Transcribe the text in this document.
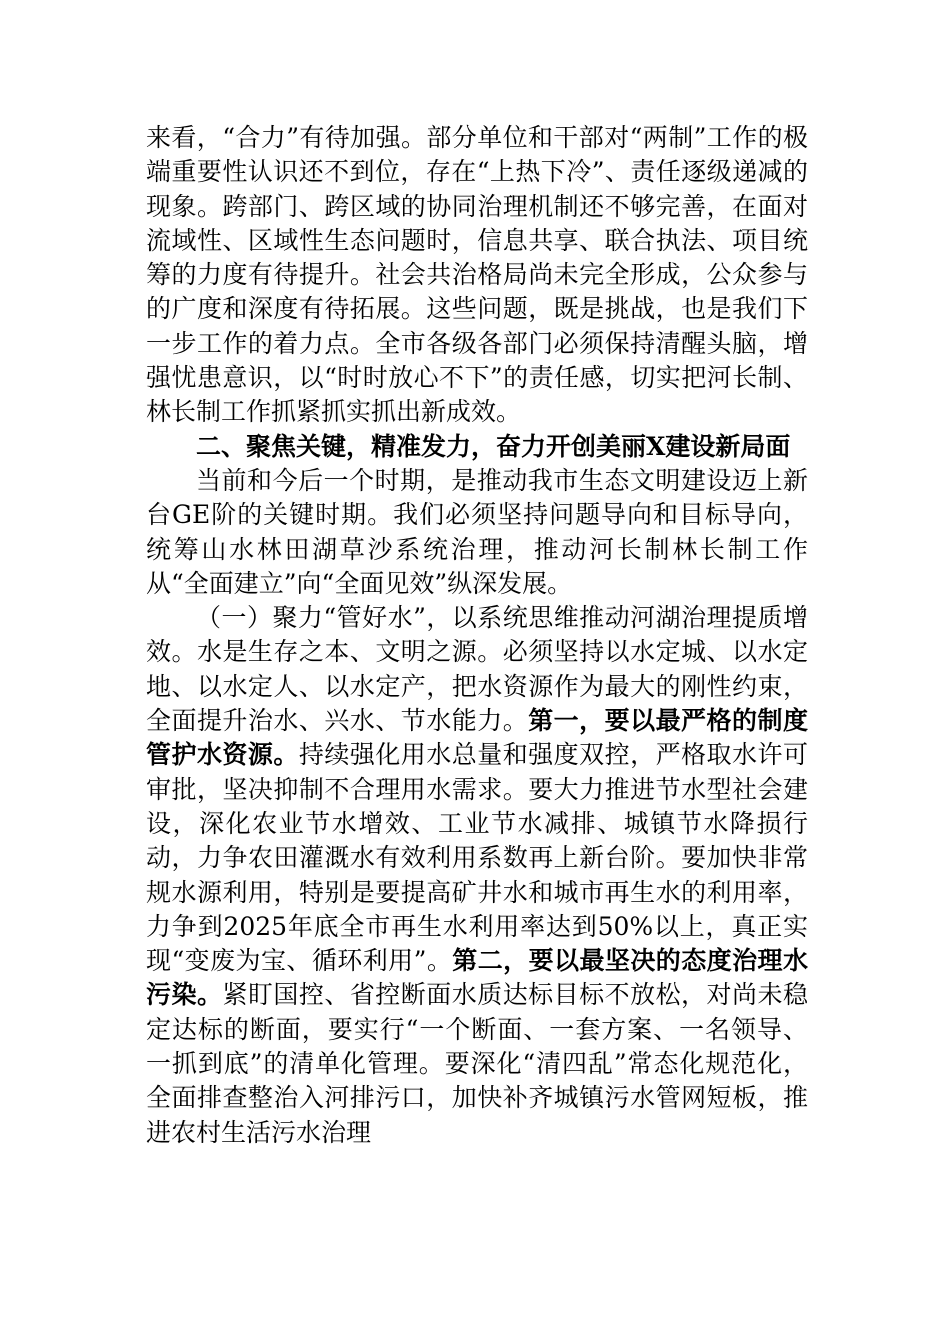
来看，“合力”有待加强。部分单位和干部对“两制”工作的极端重要性认识还不到位，存在“上热下冷”、责任逐级递减的现象。跨部门、跨区域的协同治理机制还不够完善，在面对流域性、区域性生态问题时，信息共享、联合执法、项目统筹的力度有待提升。社会共治格局尚未完全形成，公众参与的广度和深度有待拓展。这些问题，既是挑战，也是我们下一步工作的着力点。全市各级各部门必须保持清醒头脑，增强忧患意识，以“时时放心不下”的责任感，切实把河长制、林长制工作抓紧抓实抓出新成效。

二、聚焦关键，精准发力，奋力开创美丽X建设新局面

当前和今后一个时期，是推动我市生态文明建设迈上新台GE阶的关键时期。我们必须坚持问题导向和目标导向，统筹山水林田湖草沙系统治理，推动河长制林长制工作从“全面建立”向“全面见效”纵深发展。

（一）聚力“管好水”，以系统思维推动河湖治理提质增效。水是生存之本、文明之源。必须坚持以水定城、以水定地、以水定人、以水定产，把水资源作为最大的刚性约束，全面提升治水、兴水、节水能力。第一，要以最严格的制度管护水资源。持续强化用水总量和强度双控，严格取水许可审批，坚决抑制不合理用水需求。要大力推进节水型社会建设，深化农业节水增效、工业节水减排、城镇节水降损行动，力争农田灌溉水有效利用系数再上新台阶。要加快非常规水源利用，特别是要提高矿井水和城市再生水的利用率，力争到2025年底全市再生水利用率达到50%以上，真正实现“变废为宝、循环利用”。第二，要以最坚决的态度治理水污染。紧盯国控、省控断面水质达标目标不放松，对尚未稳定达标的断面，要实行“一个断面、一套方案、一名领导、一抓到底”的清单化管理。要深化“清四乱”常态化规范化，全面排查整治入河排污口，加快补齐城镇污水管网短板，推进农村生活污水治理
